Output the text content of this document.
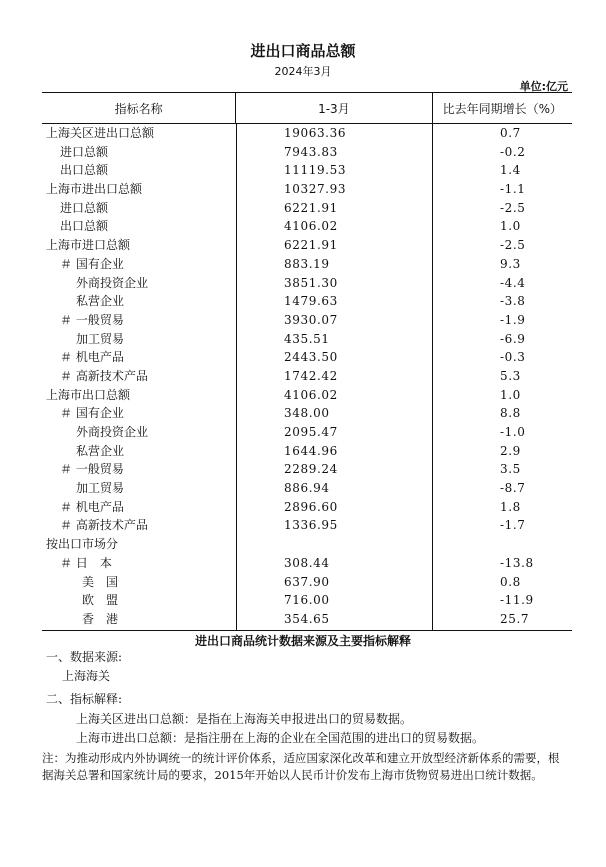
进出口商品总额
2024年3月
单位:亿元
指标名称	1-3月	比去年同期增长（%）
上海关区进出口总额	19063.36	0.7
进口总额	7943.83	-0.2
出口总额	11119.53	1.4
上海市进出口总额	10327.93	-1.1
进口总额	6221.91	-2.5
出口总额	4106.02	1.0
上海市进口总额	6221.91	-2.5
＃ 国有企业	883.19	9.3
外商投资企业	3851.30	-4.4
私营企业	1479.63	-3.8
＃ 一般贸易	3930.07	-1.9
加工贸易	435.51	-6.9
＃ 机电产品	2443.50	-0.3
＃ 高新技术产品	1742.42	5.3
上海市出口总额	4106.02	1.0
＃ 国有企业	348.00	8.8
外商投资企业	2095.47	-1.0
私营企业	1644.96	2.9
＃ 一般贸易	2289.24	3.5
加工贸易	886.94	-8.7
＃ 机电产品	2896.60	1.8
＃ 高新技术产品	1336.95	-1.7
按出口市场分
＃ 日　本	308.44	-13.8
美　国	637.90	0.8
欧　盟	716.00	-11.9
香　港	354.65	25.7
进出口商品统计数据来源及主要指标解释
一、数据来源:
上海海关
二、指标解释:
上海关区进出口总额：是指在上海海关申报进出口的贸易数据。
上海市进出口总额：是指注册在上海的企业在全国范围的进出口的贸易数据。
注：为推动形成内外协调统一的统计评价体系，适应国家深化改革和建立开放型经济新体系的需要，根据海关总署和国家统计局的要求，2015年开始以人民币计价发布上海市货物贸易进出口统计数据。
